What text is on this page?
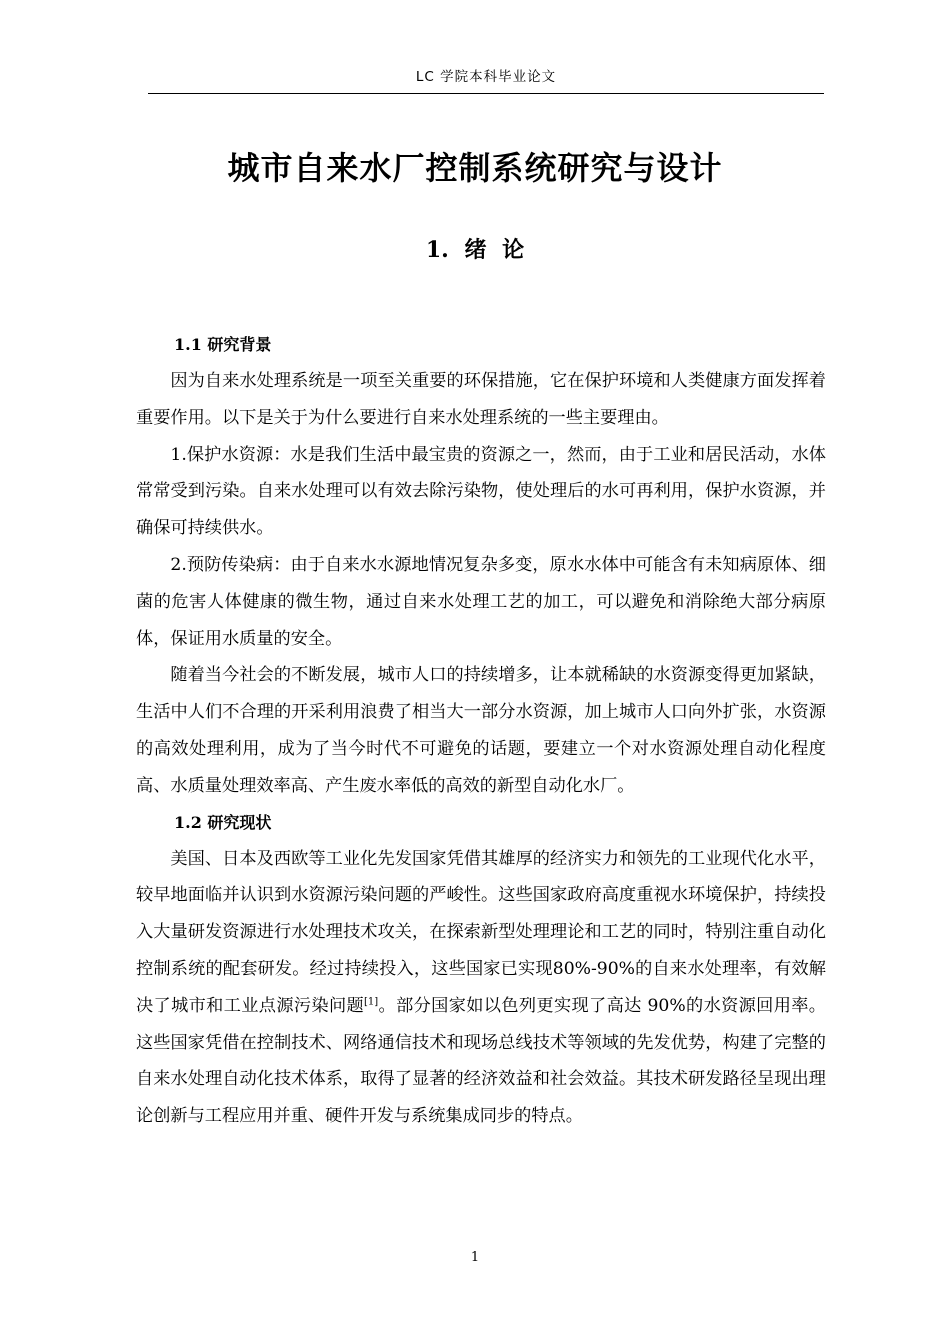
LC 学院本科毕业论文
城市自来水厂控制系统研究与设计
1. 绪 论

1.1 研究背景

因为自来水处理系统是一项至关重要的环保措施，它在保护环境和人类健康方面发挥着重要作用。以下是关于为什么要进行自来水处理系统的一些主要理由。

1.保护水资源：水是我们生活中最宝贵的资源之一，然而，由于工业和居民活动，水体常常受到污染。自来水处理可以有效去除污染物，使处理后的水可再利用，保护水资源，并确保可持续供水。

2.预防传染病：由于自来水水源地情况复杂多变，原水水体中可能含有未知病原体、细菌的危害人体健康的微生物，通过自来水处理工艺的加工，可以避免和消除绝大部分病原体，保证用水质量的安全。

随着当今社会的不断发展，城市人口的持续增多，让本就稀缺的水资源变得更加紧缺，生活中人们不合理的开采利用浪费了相当大一部分水资源，加上城市人口向外扩张，水资源的高效处理利用，成为了当今时代不可避免的话题，要建立一个对水资源处理自动化程度高、水质量处理效率高、产生废水率低的高效的新型自动化水厂。

1.2 研究现状

美国、日本及西欧等工业化先发国家凭借其雄厚的经济实力和领先的工业现代化水平，较早地面临并认识到水资源污染问题的严峻性。这些国家政府高度重视水环境保护，持续投入大量研发资源进行水处理技术攻关，在探索新型处理理论和工艺的同时，特别注重自动化控制系统的配套研发。经过持续投入，这些国家已实现80%-90%的自来水处理率，有效解决了城市和工业点源污染问题[1]。部分国家如以色列更实现了高达 90%的水资源回用率。这些国家凭借在控制技术、网络通信技术和现场总线技术等领域的先发优势，构建了完整的自来水处理自动化技术体系，取得了显著的经济效益和社会效益。其技术研发路径呈现出理论创新与工程应用并重、硬件开发与系统集成同步的特点。

1
